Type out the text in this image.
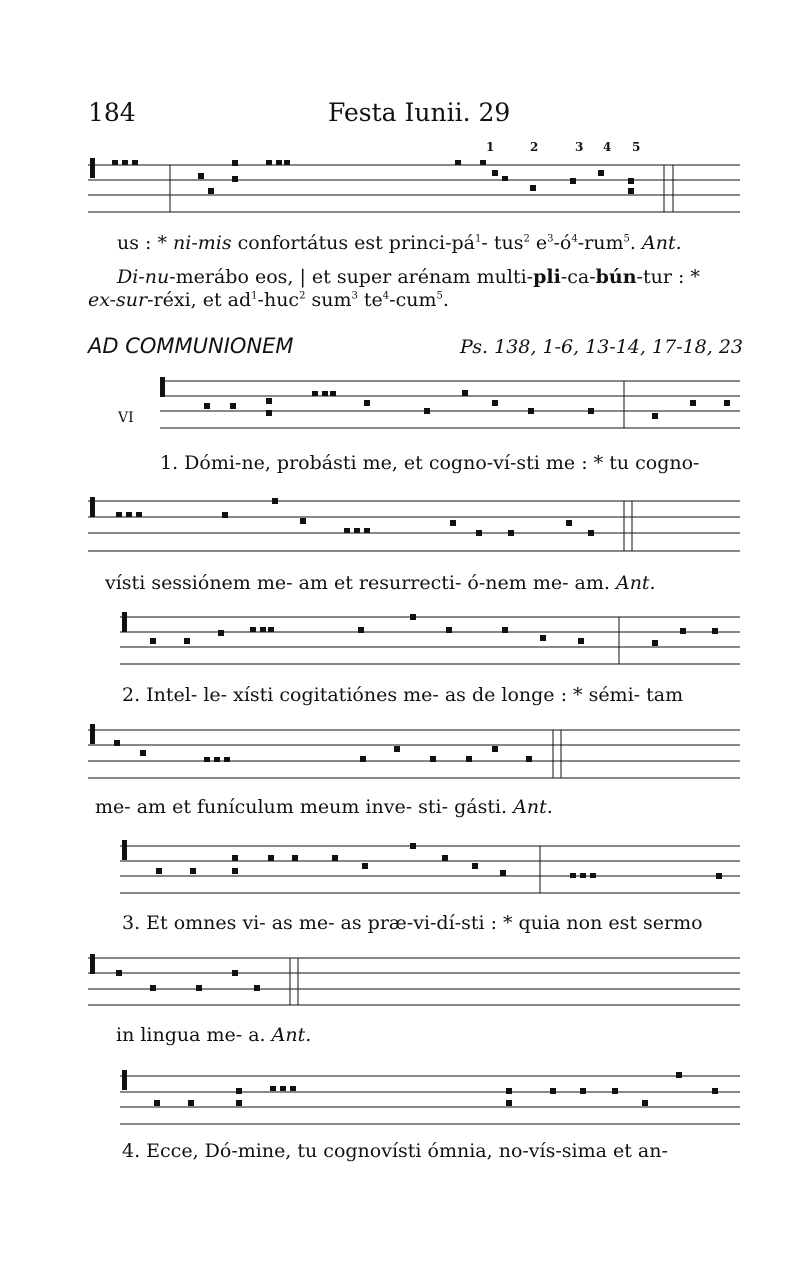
184	Festa Iunii. 29
1	2	3 4 5
us : * ni-mis confortátus est princi-$pá^1-$ tus$^2$ $e^3-ó^4-rum^5$. Ant.
Di-nu-merábo eos, | et super arénam multi-pli-ca-bún-tur : *
ex-sur-réxi, et $ad^1-huc^2$ sum$^3$ $te^4-cum^5$.
AD COMMUNIONEM	Ps. 138, 1-6, 13-14, 17-18, 23
VI
1. Dómi-ne, probásti me, et cogno-ví-sti me : * tu cogno-
vísti sessiónem me- am et resurrecti- ó-nem me- am. Ant.
2. Intel- le- xísti cogitatiónes me- as de longe : * sémi- tam
me- am et funículum meum inve- sti- gásti. Ant.
3. Et omnes vi- as me- as præ-vi-dí-sti : * quia non est sermo
in lingua me- a. Ant.
4. Ecce, Dó-mine, tu cognovísti ómnia, no-vís-sima et an-
